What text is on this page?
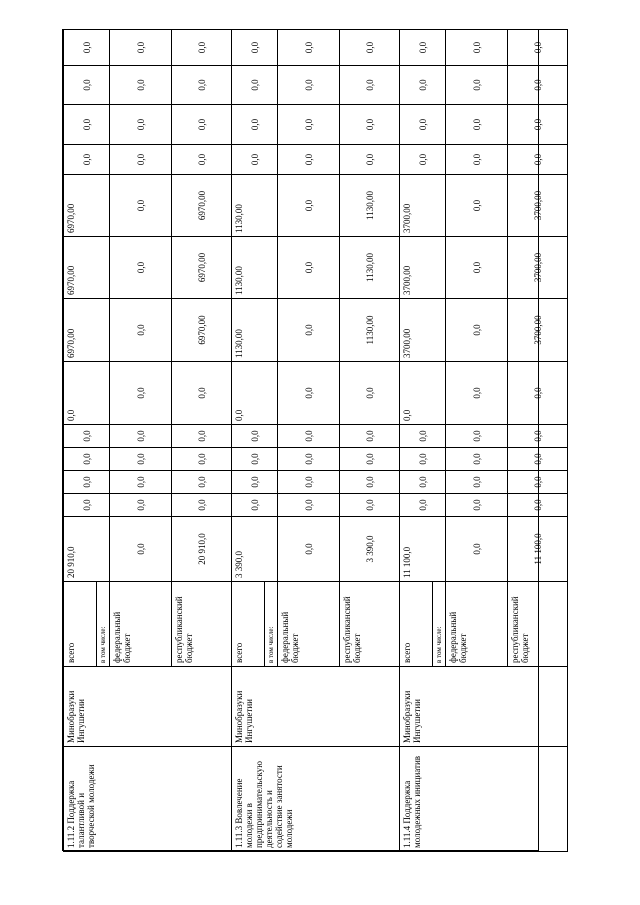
1.11.2 Поддержка талантливой и творческой молодежи	Минобразуки Ингушетии	всего	20 910,0	0,0	0,0	0,0	0,0	0,0	6970,00	6970,00	6970,00	0,0	0,0	0,0	0,0
		в том числе:													
		федеральный бюджет	0,0	0,0	0,0	0,0	0,0	0,0	0,0	0,0	0,0	0,0	0,0	0,0	0,0
		республиканский бюджет	20 910,0	0,0	0,0	0,0	0,0	0,0	6970,00	6970,00	6970,00	0,0	0,0	0,0	0,0
1.11.3 Вовлечение молодежи в предпринимательскую деятельность и содействие занятости молодежи	Минобразуки Ингушетии	всего	3 390,0	0,0	0,0	0,0	0,0	0,0	1130,00	1130,00	1130,00	0,0	0,0	0,0	0,0
		в том числе:													
		федеральный бюджет	0,0	0,0	0,0	0,0	0,0	0,0	0,0	0,0	0,0	0,0	0,0	0,0	0,0
		республиканский бюджет	3 390,0	0,0	0,0	0,0	0,0	0,0	1130,00	1130,00	1130,00	0,0	0,0	0,0	0,0
1.11.4 Поддержка молодежных инициатив	Минобразуки Ингушетии	всего	11 100,0	0,0	0,0	0,0	0,0	0,0	3700,00	3700,00	3700,00	0,0	0,0	0,0	0,0
		в том числе:													
		федеральный бюджет	0,0	0,0	0,0	0,0	0,0	0,0	0,0	0,0	0,0	0,0	0,0	0,0	0,0
		республиканский бюджет	11 100,0	0,0	0,0	0,0	0,0	0,0	3700,00	3700,00	3700,00	0,0	0,0	0,0	0,0
